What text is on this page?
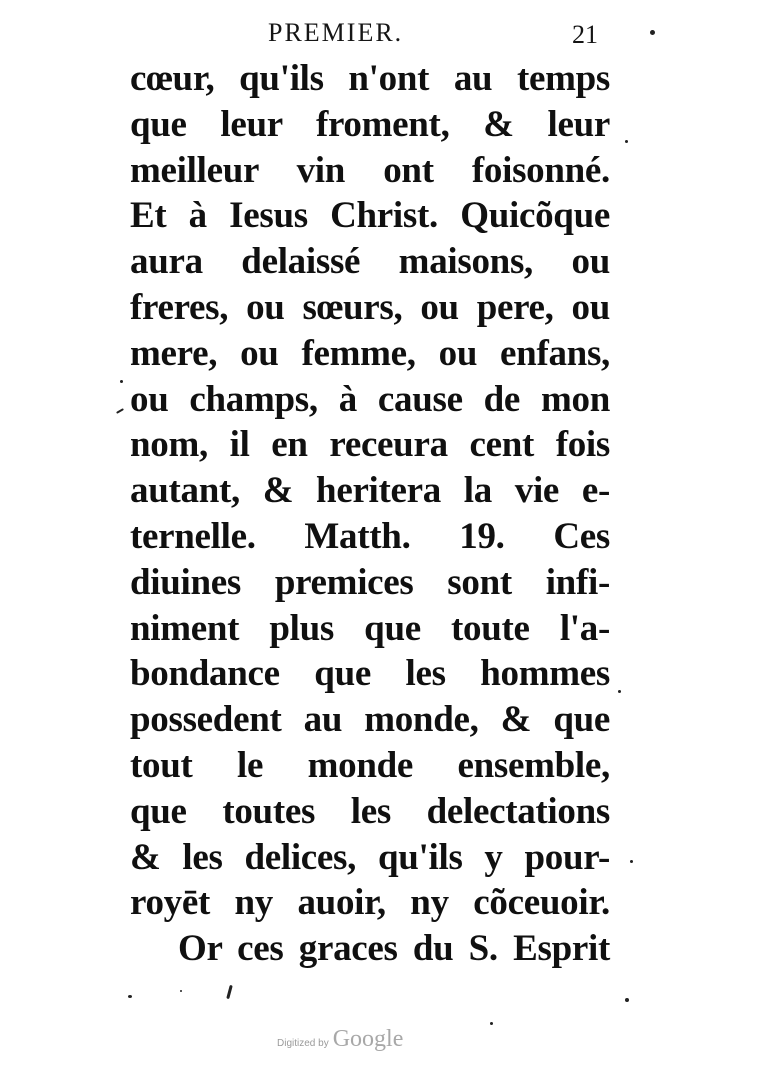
PREMIER.	21
cœur, qu'ils n'ont au temps
que leur froment, & leur
meilleur vin ont foisonné.
Et à Iesus Christ. Quicõque
aura delaissé maisons, ou
freres, ou sœurs, ou pere, ou
mere, ou femme, ou enfans,
ou champs, à cause de mon
nom, il en receura cent fois
autant, & heritera la vie e-
ternelle. Matth. 19. Ces
diuines premices sont infi-
niment plus que toute l'a-
bondance que les hommes
possedent au monde, & que
tout le monde ensemble,
que toutes les delectations
& les delices, qu'ils y pour-
royēt ny auoir, ny cõceuoir.
Or ces graces du S. Esprit
Digitized by Google
